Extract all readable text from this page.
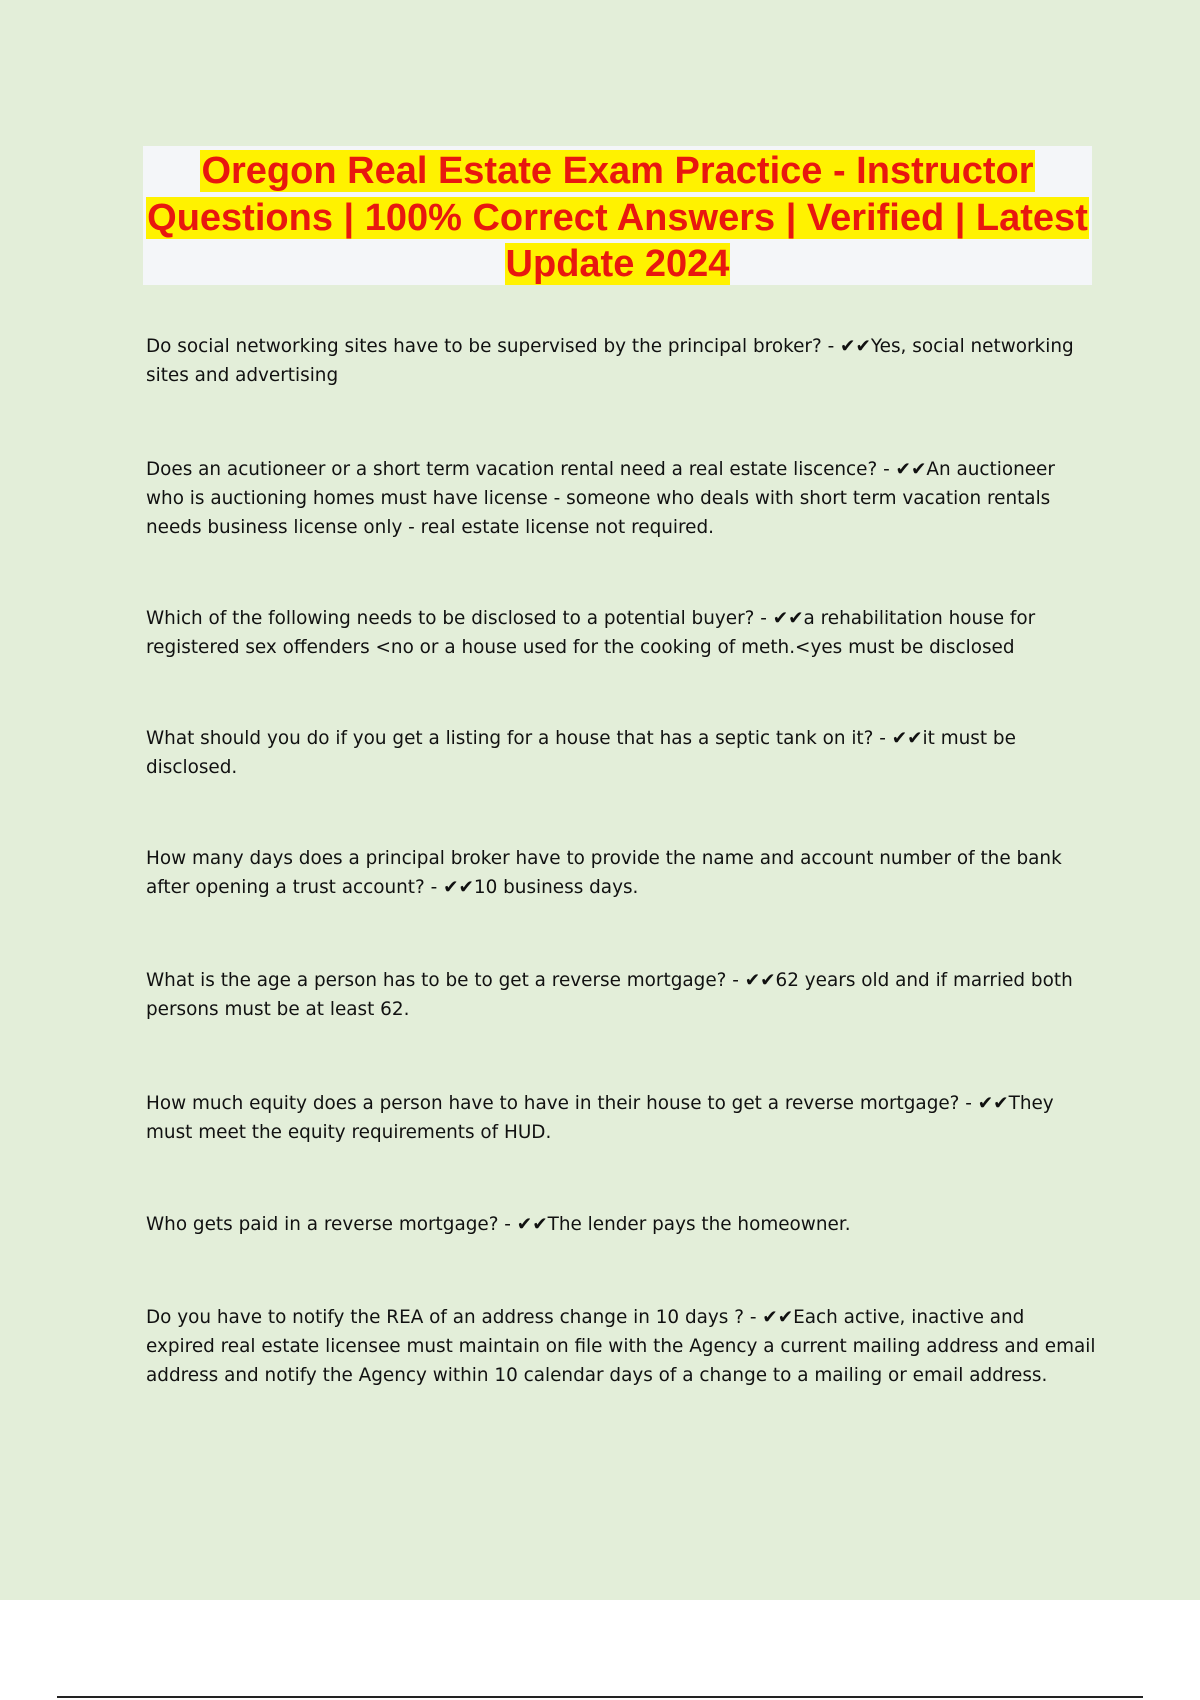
Oregon Real Estate Exam Practice - Instructor Questions | 100% Correct Answers | Verified | Latest Update 2024

Do social networking sites have to be supervised by the principal broker? - ✔✔Yes, social networking sites and advertising

Does an acutioneer or a short term vacation rental need a real estate liscence? - ✔✔An auctioneer who is auctioning homes must have license - someone who deals with short term vacation rentals needs business license only - real estate license not required.

Which of the following needs to be disclosed to a potential buyer? - ✔✔a rehabilitation house for registered sex offenders <no or a house used for the cooking of meth.<yes must be disclosed

What should you do if you get a listing for a house that has a septic tank on it? - ✔✔it must be disclosed.

How many days does a principal broker have to provide the name and account number of the bank after opening a trust account? - ✔✔10 business days.

What is the age a person has to be to get a reverse mortgage? - ✔✔62 years old and if married both persons must be at least 62.

How much equity does a person have to have in their house to get a reverse mortgage? - ✔✔They must meet the equity requirements of HUD.

Who gets paid in a reverse mortgage? - ✔✔The lender pays the homeowner.

Do you have to notify the REA of an address change in 10 days ? - ✔✔Each active, inactive and expired real estate licensee must maintain on file with the Agency a current mailing address and email address and notify the Agency within 10 calendar days of a change to a mailing or email address.
